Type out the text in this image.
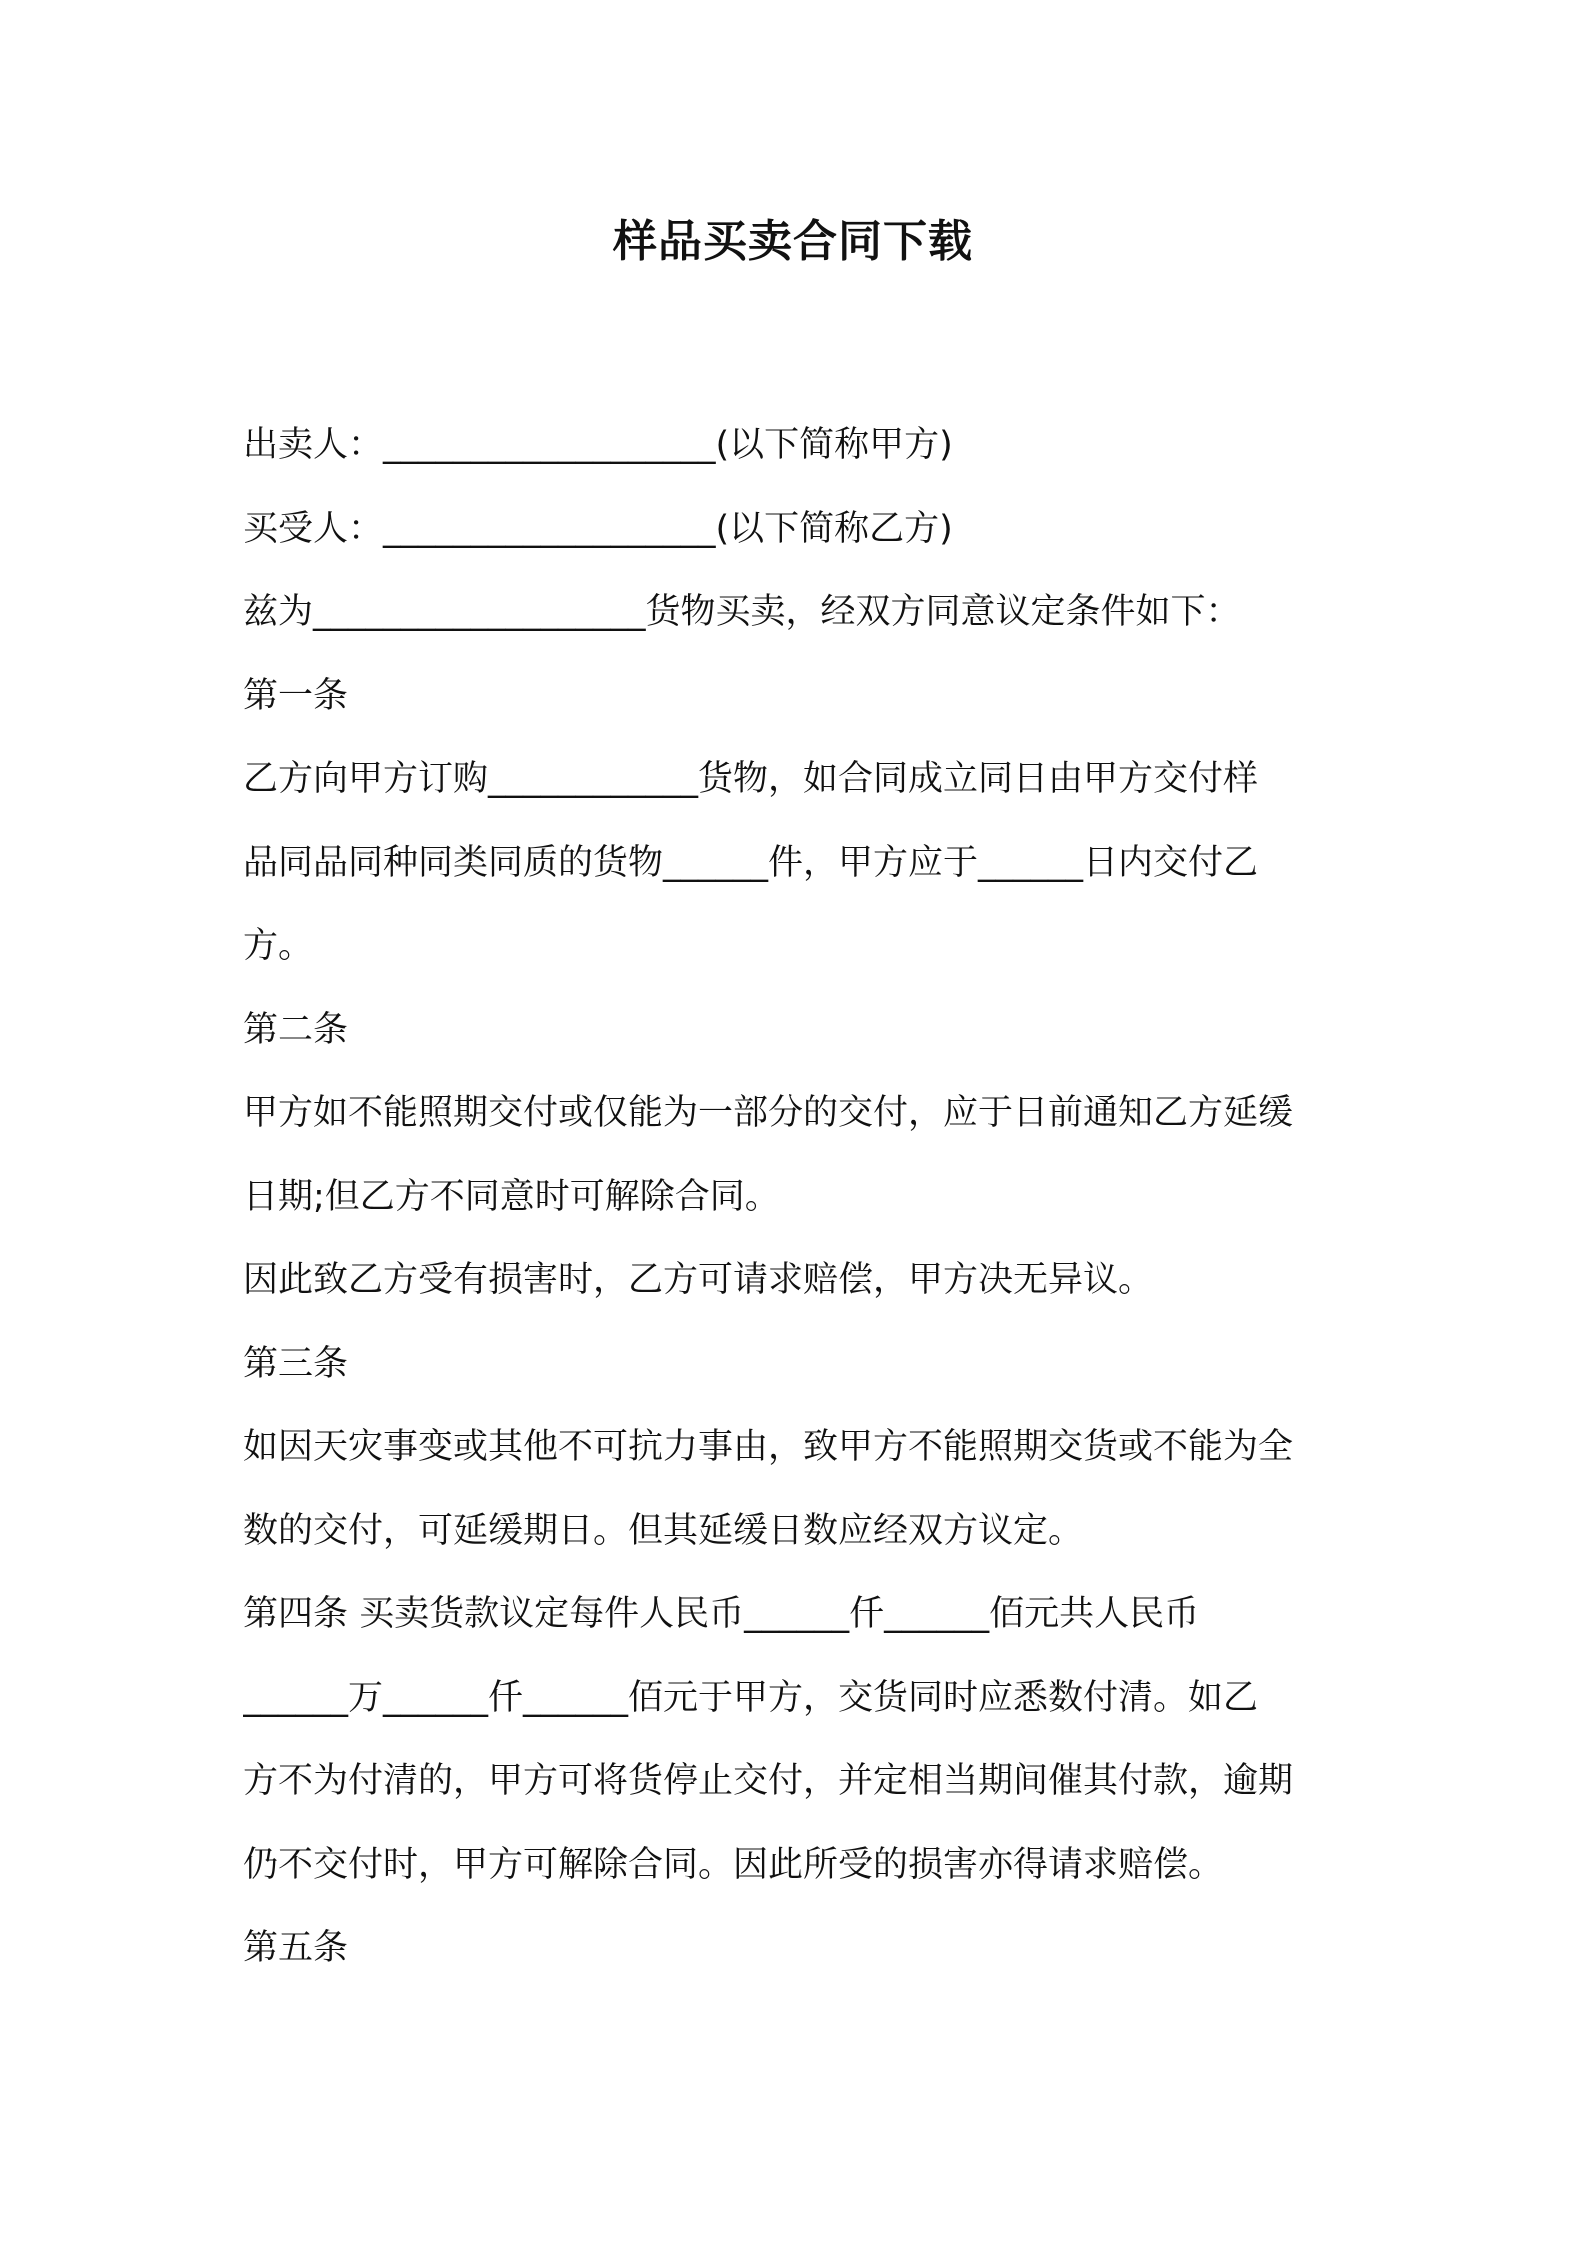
样品买卖合同下载
出卖人：___________________(以下简称甲方)
买受人：___________________(以下简称乙方)
兹为___________________货物买卖，经双方同意议定条件如下：
第一条
乙方向甲方订购____________货物，如合同成立同日由甲方交付样
品同品同种同类同质的货物______件，甲方应于______日内交付乙
方。
第二条
甲方如不能照期交付或仅能为一部分的交付，应于日前通知乙方延缓
日期;但乙方不同意时可解除合同。
因此致乙方受有损害时，乙方可请求赔偿，甲方决无异议。
第三条
如因天灾事变或其他不可抗力事由，致甲方不能照期交货或不能为全
数的交付，可延缓期日。但其延缓日数应经双方议定。
第四条 买卖货款议定每件人民币______仟______佰元共人民币
______万______仟______佰元于甲方，交货同时应悉数付清。如乙
方不为付清的，甲方可将货停止交付，并定相当期间催其付款，逾期
仍不交付时，甲方可解除合同。因此所受的损害亦得请求赔偿。
第五条
